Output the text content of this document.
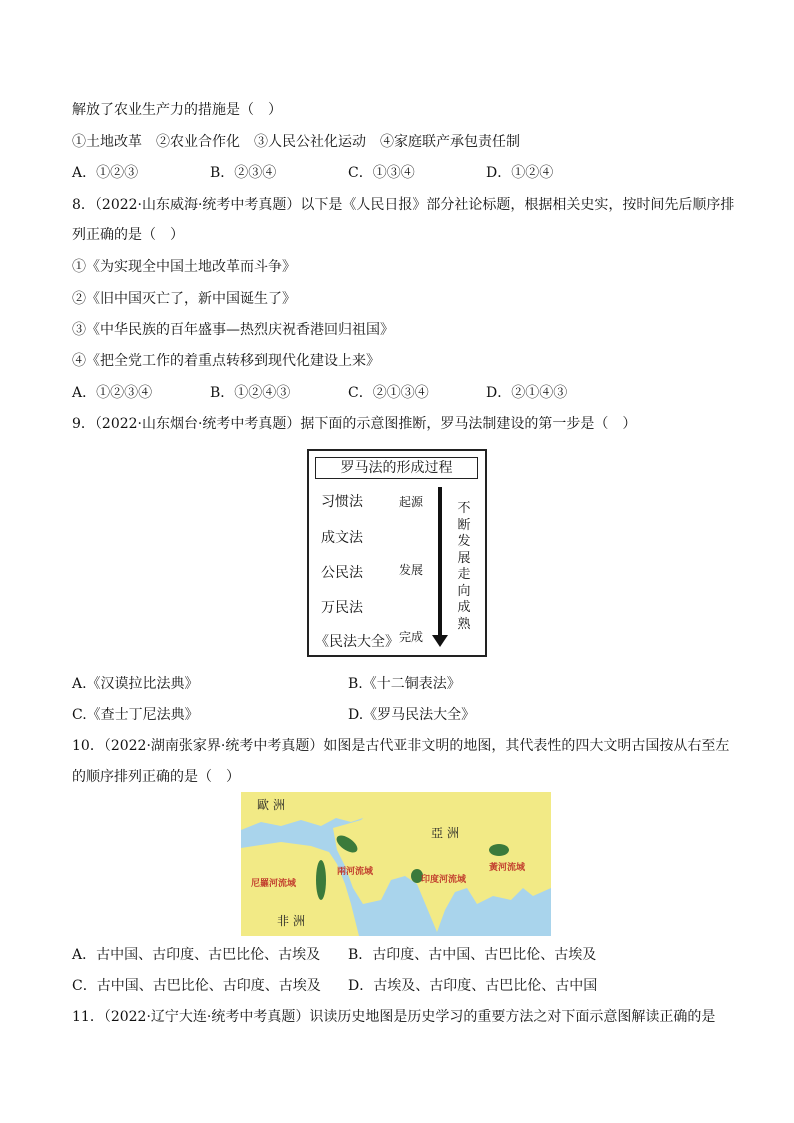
解放了农业生产力的措施是（　）
①土地改革　②农业合作化　③人民公社化运动　④家庭联产承包责任制
A．①②③	B．②③④	C．①③④	D．①②④
8．（2022·山东威海·统考中考真题）以下是《人民日报》部分社论标题，根据相关史实，按时间先后顺序排
列正确的是（　）
①《为实现全中国土地改革而斗争》
②《旧中国灭亡了，新中国诞生了》
③《中华民族的百年盛事—热烈庆祝香港回归祖国》
④《把全党工作的着重点转移到现代化建设上来》
A．①②③④	B．①②④③	C．②①③④	D．②①④③
9．（2022·山东烟台·统考中考真题）据下面的示意图推断，罗马法制建设的第一步是（　）
罗马法的形成过程
习惯法
成文法
公民法
万民法
《民法大全》
起源
发展
完成
不断发展走向成熟
A.《汉谟拉比法典》	B.《十二铜表法》
C.《查士丁尼法典》	D.《罗马民法大全》
10．（2022·湖南张家界·统考中考真题）如图是古代亚非文明的地图，其代表性的四大文明古国按从右至左
的顺序排列正确的是（　）
歐洲
亞洲
非洲
尼羅河流域
兩河流域
印度河流域
黃河流域
A．古中国、古印度、古巴比伦、古埃及 B．古印度、古中国、古巴比伦、古埃及
C．古中国、古巴比伦、古印度、古埃及 D．古埃及、古印度、古巴比伦、古中国
11．（2022·辽宁大连·统考中考真题）识读历史地图是历史学习的重要方法之对下面示意图解读正确的是
